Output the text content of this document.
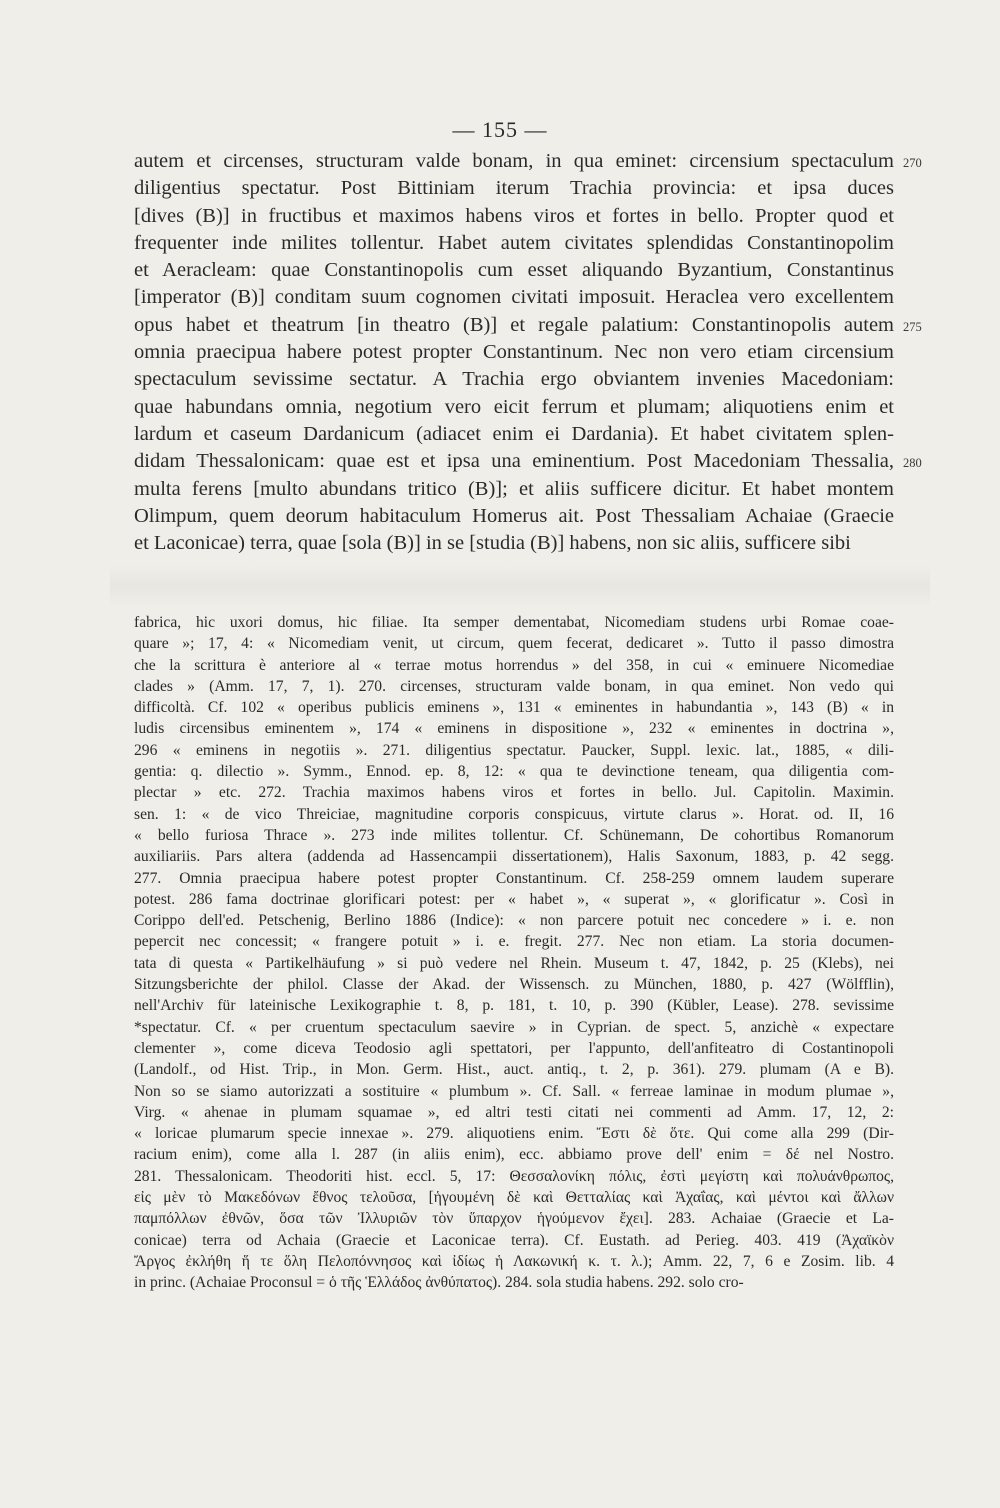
— 155 —
autem et circenses, structuram valde bonam, in qua eminet: circensium spectaculum
diligentius spectatur. Post Bittiniam iterum Trachia provincia: et ipsa duces
[dives (B)] in fructibus et maximos habens viros et fortes in bello. Propter quod et
frequenter inde milites tollentur. Habet autem civitates splendidas Constantinopolim
et Aeracleam: quae Constantinopolis cum esset aliquando Byzantium, Constantinus
[imperator (B)] conditam suum cognomen civitati imposuit. Heraclea vero excellentem
opus habet et theatrum [in theatro (B)] et regale palatium: Constantinopolis autem
omnia praecipua habere potest propter Constantinum. Nec non vero etiam circensium
spectaculum sevissime sectatur. A Trachia ergo obviantem invenies Macedoniam:
quae habundans omnia, negotium vero eicit ferrum et plumam; aliquotiens enim et
lardum et caseum Dardanicum (adiacet enim ei Dardania). Et habet civitatem splen-
didam Thessalonicam: quae est et ipsa una eminentium. Post Macedoniam Thessalia,
multa ferens [multo abundans tritico (B)]; et aliis sufficere dicitur. Et habet montem
Olimpum, quem deorum habitaculum Homerus ait. Post Thessaliam Achaiae (Graecie
et Laconicae) terra, quae [sola (B)] in se [studia (B)] habens, non sic aliis, sufficere sibi
270
275
280
fabrica, hic uxori domus, hic filiae. Ita semper dementabat, Nicomediam studens urbi Romae coae-
quare »; 17, 4: « Nicomediam venit, ut circum, quem fecerat, dedicaret ». Tutto il passo dimostra
che la scrittura è anteriore al « terrae motus horrendus » del 358, in cui « eminuere Nicomediae
clades » (Amm. 17, 7, 1). 270. circenses, structuram valde bonam, in qua eminet. Non vedo qui
difficoltà. Cf. 102 « operibus publicis eminens », 131 « eminentes in habundantia », 143 (B) « in
ludis circensibus eminentem », 174 « eminens in dispositione », 232 « eminentes in doctrina »,
296 « eminens in negotiis ». 271. diligentius spectatur. Paucker, Suppl. lexic. lat., 1885, « dili-
gentia: q. dilectio ». Symm., Ennod. ep. 8, 12: « qua te devinctione teneam, qua diligentia com-
plectar » etc. 272. Trachia maximos habens viros et fortes in bello. Jul. Capitolin. Maximin.
sen. 1: « de vico Threiciae, magnitudine corporis conspicuus, virtute clarus ». Horat. od. II, 16
« bello furiosa Thrace ». 273 inde milites tollentur. Cf. Schünemann, De cohortibus Romanorum
auxiliariis. Pars altera (addenda ad Hassencampii dissertationem), Halis Saxonum, 1883, p. 42 segg.
277. Omnia praecipua habere potest propter Constantinum. Cf. 258-259 omnem laudem superare
potest. 286 fama doctrinae glorificari potest: per « habet », « superat », « glorificatur ». Così in
Corippo dell'ed. Petschenig, Berlino 1886 (Indice): « non parcere potuit nec concedere » i. e. non
pepercit nec concessit; « frangere potuit » i. e. fregit. 277. Nec non etiam. La storia documen-
tata di questa « Partikelhäufung » si può vedere nel Rhein. Museum t. 47, 1842, p. 25 (Klebs), nei
Sitzungsberichte der philol. Classe der Akad. der Wissensch. zu München, 1880, p. 427 (Wölfflin),
nell'Archiv für lateinische Lexikographie t. 8, p. 181, t. 10, p. 390 (Kübler, Lease). 278. sevissime
*spectatur. Cf. « per cruentum spectaculum saevire » in Cyprian. de spect. 5, anzichè « expectare
clementer », come diceva Teodosio agli spettatori, per l'appunto, dell'anfiteatro di Costantinopoli
(Landolf., od Hist. Trip., in Mon. Germ. Hist., auct. antiq., t. 2, p. 361). 279. plumam (A e B).
Non so se siamo autorizzati a sostituire « plumbum ». Cf. Sall. « ferreae laminae in modum plumae »,
Virg. « ahenae in plumam squamae », ed altri testi citati nei commenti ad Amm. 17, 12, 2:
« loricae plumarum specie innexae ». 279. aliquotiens enim. Ἔστι δὲ ὅτε. Qui come alla 299 (Dir-
racium enim), come alla l. 287 (in aliis enim), ecc. abbiamo prove dell' enim = δέ nel Nostro.
281. Thessalonicam. Theodoriti hist. eccl. 5, 17: Θεσσαλονίκη πόλις, ἐστὶ μεγίστη καὶ πολυάνθρωπος,
εἰς μὲν τὸ Μακεδόνων ἔθνος τελοῦσα, [ἡγουμένη δὲ καὶ Θετταλίας καὶ Ἀχαΐας, καὶ μέντοι καὶ ἄλλων
παμπόλλων ἐθνῶν, ὅσα τῶν Ἰλλυριῶν τὸν ὕπαρχον ἡγούμενον ἔχει]. 283. Achaiae (Graecie et La-
conicae) terra od Achaia (Graecie et Laconicae terra). Cf. Eustath. ad Perieg. 403. 419 (Ἀχαϊκὸν
Ἄργος ἐκλήθη ἥ τε ὅλη Πελοπόννησος καὶ ἰδίως ἡ Λακωνική κ. τ. λ.); Amm. 22, 7, 6 e Zosim. lib. 4
in princ. (Achaiae Proconsul = ὁ τῆς Ἑλλάδος ἀνθύπατος). 284. sola studia habens. 292. solo cro-
